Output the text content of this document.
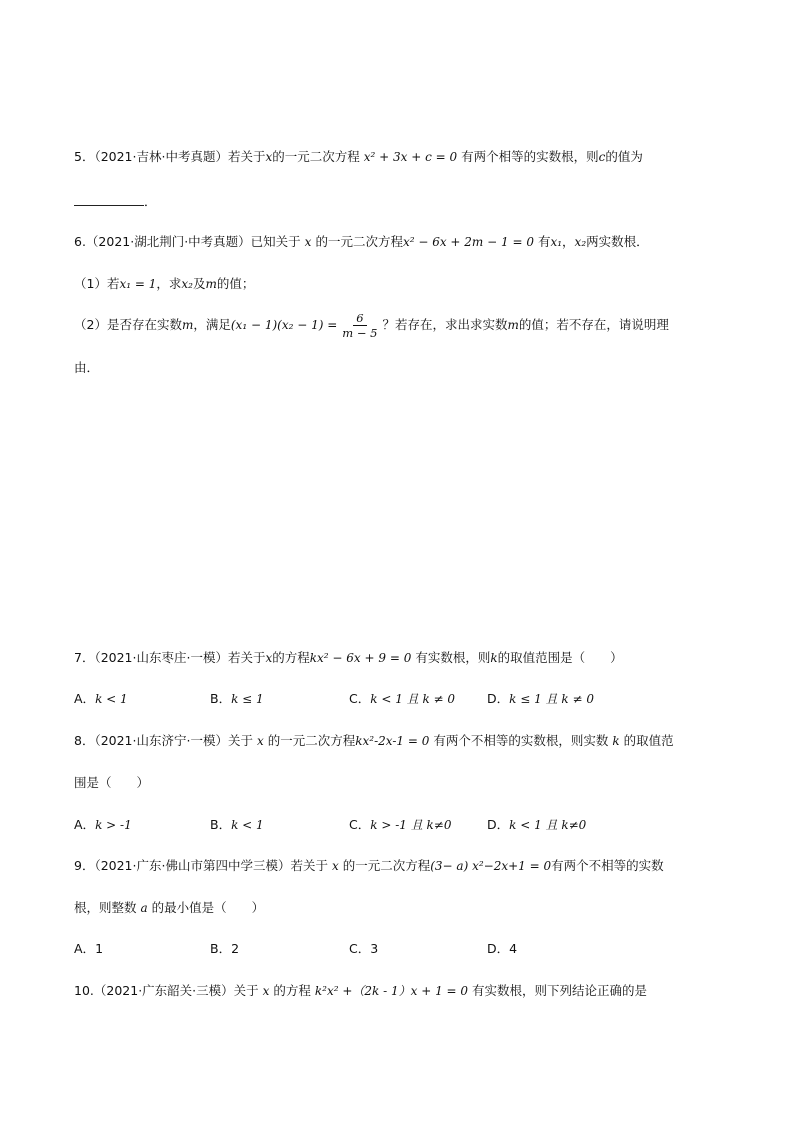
5．（2021·吉林·中考真题）若关于x的一元二次方程 x² + 3x + c = 0 有两个相等的实数根，则c的值为
．
6.（2021·湖北荆门·中考真题）已知关于 x 的一元二次方程x² − 6x + 2m − 1 = 0 有x₁，x₂两实数根．
（1）若x₁ = 1，求x₂及m的值；
（2）是否存在实数m，满足$(x_1 - 1)(x_2 - 1) = \frac{6}{m - 5}$ ？若存在，求出求实数m的值；若不存在，请说明理
由．
7．（2021·山东枣庄·一模）若关于x的方程kx² − 6x + 9 = 0 有实数根，则k的取值范围是（　　）
A．k < 1	B．k ≤ 1	C．k < 1 且 k ≠ 0	D．k ≤ 1 且 k ≠ 0
8．（2021·山东济宁·一模）关于 x 的一元二次方程kx²-2x-1 = 0 有两个不相等的实数根，则实数 k 的取值范
围是（　　）
A．k > -1	B．k < 1	C．k > -1 且 k≠0	D．k < 1 且 k≠0
9．（2021·广东·佛山市第四中学三模）若关于 x 的一元二次方程(3− a) x²−2x+1 = 0有两个不相等的实数
根，则整数 a 的最小值是（　　）
A．1	B．2	C．3	D．4
10.（2021·广东韶关·三模）关于 x 的方程 k²x² +（2k - 1）x + 1 = 0 有实数根，则下列结论正确的是
